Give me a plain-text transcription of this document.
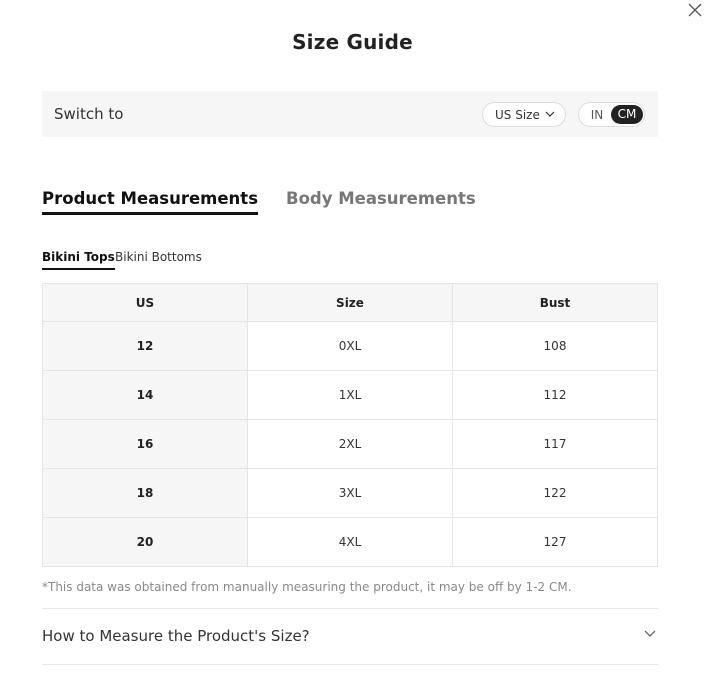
Size Guide
Switch to	US Size	IN	CM
Product Measurements Body Measurements
Bikini Tops Bikini Bottoms
US	Size	Bust
12	0XL	108
14	1XL	112
16	2XL	117
18	3XL	122
20	4XL	127
*This data was obtained from manually measuring the product, it may be off by 1-2 CM.
How to Measure the Product's Size?
